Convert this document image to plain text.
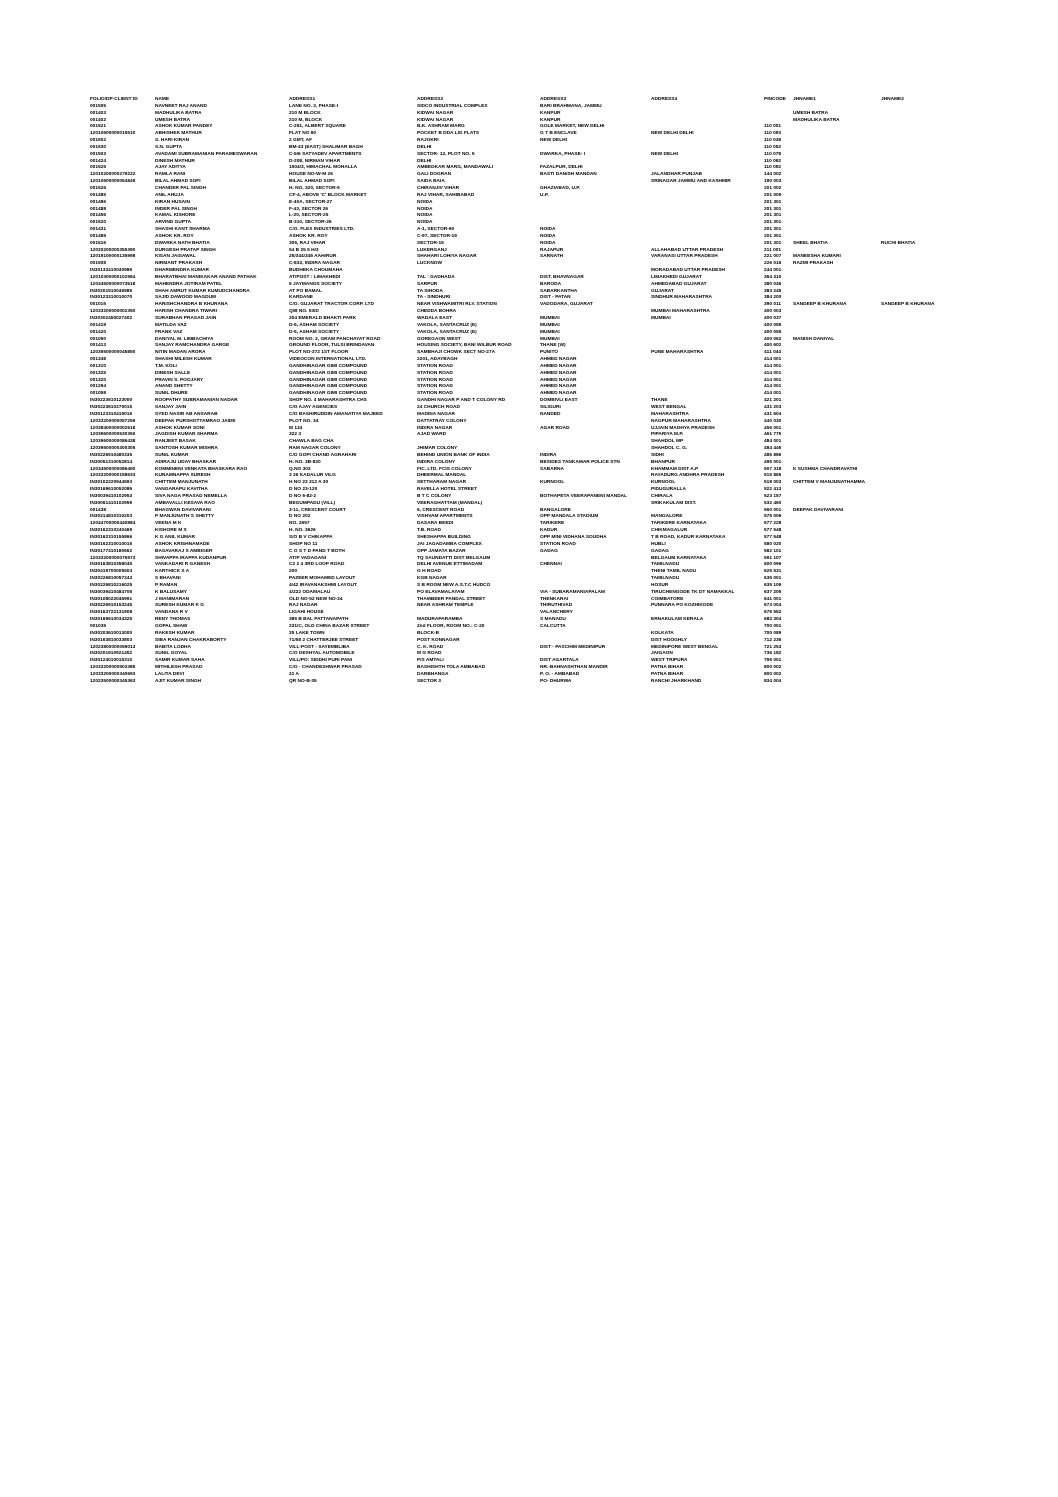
FOLIO/DP-CLIENT ID	NAME	ADDRESS1	ADDRESS2	ADDRESS3	ADDRESS4	PINCODE	JHNAME1	JHNAME2
001505	NAVNEET RAJ ANAND	LANE NO. 2, PHASE-I	SIDCO INDUSTRIAL COMPLEX	BARI BRAHMANA, JAMMU				
001403	MADHULIKA BATRA	210 M BLOCK	KIDWAI NAGAR	KANPUR			UMESH BATRA	
001402	UMESH BATRA	210 M, BLOCK	KIDWAI NAGAR	KANPUR			MADHULIKA BATRA	
001521	ASHOK KUMAR PANDEY	C-251, ALBERT SQUARE	B.K. ASHRAM MARG	GOLE MARKET, NEW DELHI		110 001		
12010600000015510	ABHISHEK MATHUR	FLAT NO 60	POCKET B DDA LIG FLATS	G T B ENCLAVE	NEW DELHI DELHI	110 093		
001502	S. HARI KIRAN	2 GMT, AF	RAJOKRI	NEW DELHI		110 038		
001530	S.N. GUPTA	BM-43 (EAST) SHALIMAR BAGH	DELHI			110 052		
001503	AVADAMI SUBRAMANIAN PARAMESWARAN	C-5/6 SATYADEV APARTMENTS	SECTOR- 12, PLOT NO. 5	DWARKA, PHASE- I	NEW DELHI	110 078		
001424	DINESH MATHUR	D-208, NIRMAN VIHAR	DELHI			110 092		
001525	AJAY ADITYA	1504/3, HIMACHAL MOHALLA	AMBEDKAR MARG, MANDAWALI	FAZALPUR, DELHI		110 092		
12010200000279222	RAMLA RANI	HOUSE NO-W-M 26	GALI DOGRAN	BASTI DANISH MANDAN	JALANDHAR PUNJAB	144 002		
12010600000054849	BILAL AHMAD SOFI	BILAL AHMAD SOFI	SAIDA BAIA		SRINAGAR JAMMU AND KASHMIR	190 003		
001526	CHANDER PAL SINGH	H. NO. 320, SECTOR-5	CHIRANJIV VIHAR	GHAZIABAD, U.P.		201 002		
001485	ANIL AHUJA	CF-4, ABOVE 'C' BLOCK MARKET	RAJ VIHAR, SAHIBABAD	U.P.		201 005		
001486	KIRAN HUSAIN	E-40A, SECTOR-27	NOIDA			201 301		
001488	INDER PAL SINGH	F-43, SECTOR 26	NOIDA			201 301		
001456	KAMAL KISHORE	L-20, SECTOR-25	NOIDA			201 301		
001520	ARVIND GUPTA	B-310, SECTOR-26	NOIDA			201 301		
001431	SHASHI KANT SHARMA	C/O. FLEX INDUSTRIES LTD.	A-1, SECTOR-60	NOIDA		201 301		
001489	ASHOK KR. ROY	ASHOK KR. ROY	C-97, SECTOR-19	NOIDA		201 301		
001516	DWARKA NATH BHATIA	305, RAJ VIHAR	SECTOR-15	NOIDA		201 301	SHEEL BHATIA	RUCHI BHATIA
12020200000355390	DURGESH PRATAP SINGH	54 B 25 5 H/3	LUKERGANJ	RAJAPUR	ALLAHABAD UTTAR PRADESH	211 001		
12019100000135998	KISAN JAISAWAL	25/344/346 AAHIRUR	SHAHARI LOHIYA NAGAR	SARNATH	VARANASI UTTAR PRADESH	221 007	MANEESHA KUMARI	
001508	NIRMANT PRAKASH	C-833, INDIRA NAGAR	LUCKNOW			226 016	RAZMI PRAKASH	
IN30133410040986	DHARMENDRA KUMAR	BUDHEKA CHOUMAHA			MORADABAD UTTAR PRADESH	244 001		
12010300000102984	BHARATBHAI MANIKAKAR ANAND PATHAK	AT/POST : LIMAKHEDI	TAL : GADHADA	DIST. BHAVNAGAR	LIMAKHEDI GUJARAT	364 310		
12034500000073618	MAHENDRA JOTIRAM PATEL	5 JAYMANGS SOCIETY	SARPUR	BARODA	AHMEDABAD GUJARAT	380 045		
IN30201510046985	SHAH AMRUT KUMAR KUMUDCHANDRA	AT PO BAMAL	TA SIHODA	SABARKANTHA	GUJARAT	383 245		
IN30123310010070	SAJID DAWOOD MAGDUM	KARDANE	TA - SINDHURI	DIST - PATAN	SINDHUR MAHARASHTRA	384 200		
001016	HARISHCHANDRA B KHURANA	C/O. GUJARAT TRACTOR CORP. LTD	NEAR VISHWAMITRI RLY. STATION	VADODARA, GUJARAT		390 011	SANDEEP B KHURANA	SANDEEP B KHURANA
12033200000002350	HARISH CHANDRA TIWARI	Q/B NO. 03/D	CHEDDA BOHRA		MUMBAI MAHARASHTRA	400 003		
IN30302450027402	SURABHAN PRASAD JAIN	204 EMERALD BHAKTI PARK	WADALA EAST	MUMBAI	MUMBAI	400 037		
001419	MATILDA VAZ	D-5, ASHAM SOCIETY	VAKOLA, SANTACRUZ (E)	MUMBAI		400 055		
001420	FRANK VAZ	D-5, ASHAM SOCIETY	VAKOLA, SANTACRUZ (E)	MUMBAI		400 055		
001050	DANIYAL M. LIMBACHIYA	ROOM NO. 2, GRAM PANCHAYAT ROAD	GOREGAON WEST	MUMBAI		400 062	MANISH DANIYAL	
001413	SANJAY RAMCHANDRA GARGE	GROUND FLOOR, TULSI BRINDAVAN	HOUSING SOCIETY, BANI WILBUR ROAD	THANE (W)		400 602		
12035500000045850	NITIN MADAN ARORA	PLOT NO-372 1ST FLOOR	SAMBHAJI CHOWK SECT NO-27A	PUNITO	PUNE MAHARASHTRA	411 044		
001348	SHASHI MILESH KUMAR	VIDEOCON INTERNATIONAL LTD.	2201, ADAYBAGH	AHMED NAGAR		414 001		
001310	T.M. KOLI	GANDHINAGAR GIMI COMPOUND	STATION ROAD	AHMED NAGAR		414 001		
001325	DINESH SALLE	GANDHINAGAR GIMI COMPOUND	STATION ROAD	AHMED NAGAR		414 001		
001320	PRAVIN S. POOJARY	GANDHINAGAR GIMI COMPOUND	STATION ROAD	AHMED NAGAR		414 001		
001294	ANAND SHETTY	GANDHINAGAR GIMI COMPOUND	STATION ROAD	AHMED NAGAR		414 001		
001058	SUNIL DHURE	GANDHINAGAR GIMI COMPOUND	STATION ROAD	AHMED NAGAR		414 001		
IN30223610123000	ROOPATHY SUBRAMANIAN NADAR	SHOP NO. 4 MAHARASHTRA CHS	GANDHI NAGAR P AND T COLONY RD	DOMBIVLI EAST	THANE	421 201		
IN30223610270015	SANJAY JAIN	C/O AJAY AGENCIES	24 CHURCH ROAD	SILIGURI	WEST BENGAL	431 203		
IN30123310415016	SYED NASIR AB ANSARAB	C/O BASHIRUDDIN AMANATIYA MAJEED	MADINA NAGAR	NANDED	MAHARASHTRA	431 604		
12033200000057255	DEEPAK PURSHOTTAMRAO JAIDE	PLOT NO. 34	DATTATRAY COLONY		NAGPUR MAHARASHTRA	440 030		
12038400000002518	ASHOK KUMAR SONI	M 134	INDIRA NAGAR	AGAR ROAD	UJJAIN MADHYA PRADESH	456 001		
12039600000530350	JAGDISH KUMAR SHARMA	322 3	AJAD WARD		PIPARIYA M.P.	461 775		
12039600000086438	RANJEET BASAK	CHAWLA BAG CHA			SHAHDOL MP	484 001		
12039500000300305	SANTOSH KUMAR MISHRA	RAM NAGAR COLONY	JHIMAR COLONY		SHAHDOL C. G.	484 446		
IN30226910480335	SUNIL KUMAR	C/O GOPI CHAND AGRAHARI	BEHIND UNION BANK OF INDIA	INDIRA	SIDHI	486 886		
IN30051310052814	ADIRAJU UDAY BHASKAR	H. NO. 3B-820	INDIRA COLONY	BESIDES TANKAMAR POLICE STN	BHANPUR	495 001		
12034500000086490	KOMMINENI VENKATA BHASKARA RAO	Q.NO 303	FIC. LTD. FCIS COLONY	SABARNA	KHAMMAM DIST A.P	507 318	K SUSHMA CHANDRAVATHI	
12033200000158633	KUNAMNAPPA SURESH	3 26 KADALUR VILG	DHEERMAL MANDAL		RAYADURG ANDHRA PRADESH	515 865		
IN30102220944593	CHITTEM MANJUNATH	H NO 23 312 A 30	SETTHARAM NAGAR	KURNOOL	KURNOOL	518 003	CHITTEM V MANJUNATHAMMA	
IN30169610052086	VANGARAPU KAVITHA	D NO 23-120	RAVELLA HOTEL STREET		PIDUGURALLA	522 413		
IN30039410102953	SIVA NAGA PRASAD NEMELLA	D NO 6-82-2	B T C COLONY	BOTHAPETA VEERAPANENI MANDAL	CHIRALA	523 157		
IN30061410102959	AMBAVALLI KESAVA RAO	BEGUMPADU (VILL)	VEERAGHATTAM (MANDAL)		SRIKAKULAM DIST.	532 460		
001438	BHAGWAN DAVIVARANI	3-11, CRESCENT COURT	6, CRESCENT ROAD	BANGALORE		560 001	DEEPAK DAVIVARANI	
IN30214810310203	P MANJUNATH S SHETTY	D NO 202	VISHVAM APARTMENTS	OPP MANDALA STADIUM	MANGALORE	575 006		
12044700000440884	VEENA M K	NO. 2657	DASARA BEEDI	TARIKERE	TARIKERE KARNATAKA	577 228		
IN30162310240469	KISHORE M S	H. NO. 3626	T.B. ROAD	KADUR	CHIKMAGALUR	577 548		
IN30162310155866	K G ANIL KUMAR	S/O B V CHIKAPPA	SHESHAPPA BUILDING	OPP MINI VIDHANA SOUDHA	T B ROAD, KADUR KARNATAKA	577 548		
IN30162310010016	ASHOK KRISHNAMADE	SHOP NO 11	JAI JAGADAMBA COMPLEX	STATION ROAD	HUBLI	580 020		
IN30177410180662	BASAVARAJ S AMBIGER	C O S T D PAND T BOTH	OPP JAMATA BAZAR	GADAG	GADAG	582 101		
12033200000076973	SHIVAPPA IRAPPA KUDANPUR	AT/P VADAGANI	TQ SAUNDATTI DIST BELGAUM		BELGAUM KARNATAKA	591 107		
IN30163810358045	VANKADARI R GANESH	C2 2 4 3RD LOOP ROAD	DELHI AVENUE ETTIMADAM	CHENNAI	TAMILNADU	600 096		
IN30419700005504	KARTHICK S A	200	G H ROAD		THENI TAMIL NADU	625 531		
IN30226810057243	S BHAVANI	PAZEER MOHAMED LAYOUT	KGB NAGAR		TAMILNADU	635 001		
IN30226810216025	P RAMAN	4/42 IRAVANAKSHMI LAYOUT	S B ROOM NEW A.S.T.C HUDCO		HOSUR	635 109		
IN30039410484705	K BALUSAMY	4/222 ODAMALAU	PO ELAVAMALAYAM	VIA - SUBARAMANIAPALAM	TIRUCHENGODE TK DT NAMAKKAL	637 205		
IN30108022046991	J MANIMARAN	OLD NO-52 NEW NO-24	THAMBEER PANDAL STREET	THENKARAI	COIMBATORE	641 001		
IN30226910153245	SURESH KUMAR K G	RAJ NAGAR	NEAR ASHRAM TEMPLE	THIRUTHIVAD	PUNNARA PO KOZHIKODE	673 004		
IN30163722131908	VANDANA R V	LIGAHI HOUSE		VALANCHERY		676 552		
IN30169610034325	RENY THOMAS	385 B BAL PATTANAPATH	MADURAPARAMBA	S MANADU	ERNAKULAM KERALA	682 304		
001039	GOPAL SHAW	231/C, OLD CHINA BAZAR STREET	2nd FLOOR, ROOM NO.: C-20	CALCUTTA		700 001		
IN30203610013000	RAKESH KUMAR	25 LAKE TOWN	BLOCK-B		KOLKATA	700 089		
IN30163810033803	SIBA RANJAN CHAKRABORTY	71/58 2 CHATTERJEE STREET	POST KONNAGAR		DIST HOOGHLY	712 235		
12023800000059013	BABITA LODHA	VILL-POST - SAYEMBLIBA	C. K. ROAD	DIST - PASCHIM MEDINIPUR	MEDINIPORE WEST BENGAL	721 253		
IN30201910921452	SUNIL GOYAL	C/O DESHYAL AUTOMOBILE	M G ROAD		JAIGAON	736 182		
IN30124010015310	SAMIR KUMAR SAHA	VILL/PO: SIDDHI PURI PANI	P/S AMTALI	DIST AGARTALA	WEST TRIPURA	799 001		
12033200000503385	MITHILESH PRASAD	C/O - CHANDESHWAR PRASAD	BASHISHTH TOLA AMBABAD	NR.-BAHNASHTHAN MANDIR	PATNA BIHAR	800 002		
12033200000340693	LALITA DEVI	21 A	DARBHANGA	P. O. - AMBABAD	PATNA BIHAR	800 002		
12023500000345363	AJIT KUMAR SINGH	QR NO-B-35	SECTOR 3	PO- DHURWA	RANCHI JHARKHAND	834 004		
